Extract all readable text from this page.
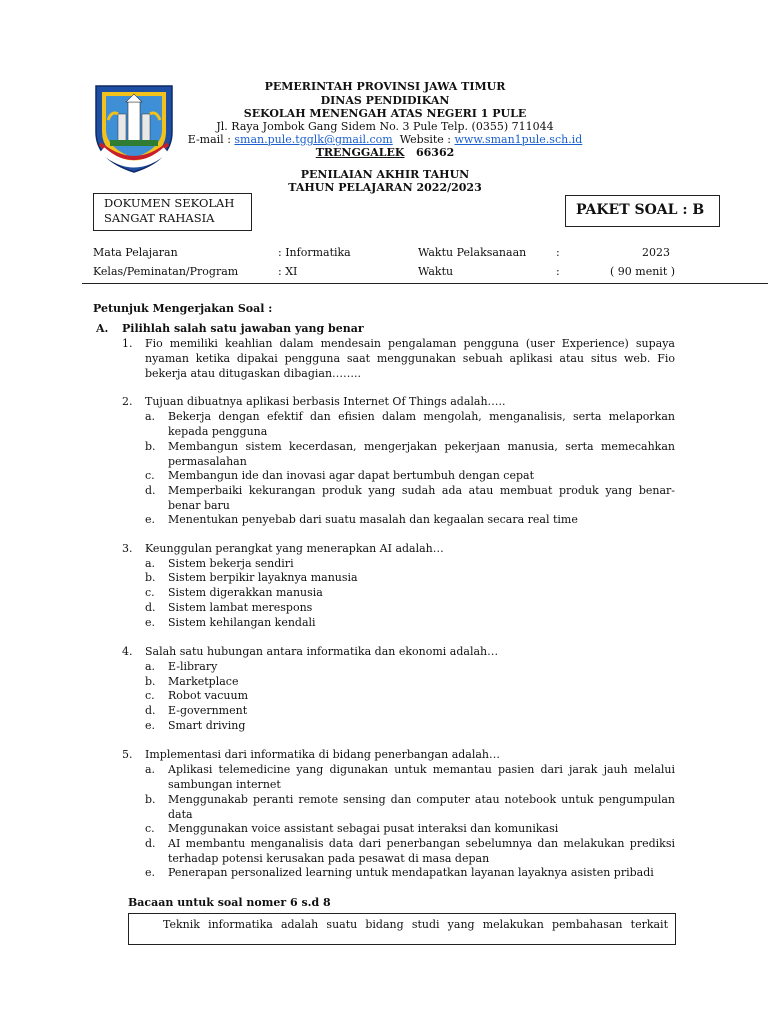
PEMERINTAH PROVINSI JAWA TIMUR
DINAS PENDIDIKAN
SEKOLAH MENENGAH ATAS NEGERI 1 PULE
Jl. Raya Jombok Gang Sidem No. 3 Pule Telp. (0355) 711044
E-mail : sman.pule.tgglk@gmail.com  Website : www.sman1pule.sch.id
TRENGGALEK 66362
PENILAIAN AKHIR TAHUN
TAHUN PELAJARAN 2022/2023
DOKUMEN SEKOLAH
SANGAT RAHASIA	PAKET SOAL : B
Mata Pelajaran	: Informatika	Waktu Pelaksanaan	:	2023
Kelas/Peminatan/Program	: XI	Waktu	:	( 90 menit )
Petunjuk Mengerjakan Soal :
A. Pilihlah salah satu jawaban yang benar
1. Fio memiliki keahlian dalam mendesain pengalaman pengguna (user Experience) supaya nyaman ketika dipakai pengguna saat menggunakan sebuah aplikasi atau situs web. Fio bekerja atau ditugaskan dibagian……..
2. Tujuan dibuatnya aplikasi berbasis Internet Of Things adalah…..
a. Bekerja dengan efektif dan efisien dalam mengolah, menganalisis, serta melaporkan kepada pengguna
b. Membangun sistem kecerdasan, mengerjakan pekerjaan manusia, serta memecahkan permasalahan
c. Membangun ide dan inovasi agar dapat bertumbuh dengan cepat
d. Memperbaiki kekurangan produk yang sudah ada atau membuat produk yang benar-benar baru
e. Menentukan penyebab dari suatu masalah dan kegaalan secara real time
3. Keunggulan perangkat yang menerapkan AI adalah…
a. Sistem bekerja sendiri
b. Sistem berpikir layaknya manusia
c. Sistem digerakkan manusia
d. Sistem lambat merespons
e. Sistem kehilangan kendali
4. Salah satu hubungan antara informatika dan ekonomi adalah…
a. E-library
b. Marketplace
c. Robot vacuum
d. E-government
e. Smart driving
5. Implementasi dari informatika di bidang penerbangan adalah…
a. Aplikasi telemedicine yang digunakan untuk memantau pasien dari jarak jauh melalui sambungan internet
b. Menggunakab peranti remote sensing dan computer atau notebook untuk pengumpulan data
c. Menggunakan voice assistant sebagai pusat interaksi dan komunikasi
d. AI membantu menganalisis data dari penerbangan sebelumnya dan melakukan prediksi terhadap potensi kerusakan pada pesawat di masa depan
e. Penerapan personalized learning untuk mendapatkan layanan layaknya asisten pribadi
Bacaan untuk soal nomer 6 s.d 8
Teknik informatika adalah suatu bidang studi yang melakukan pembahasan terkait
